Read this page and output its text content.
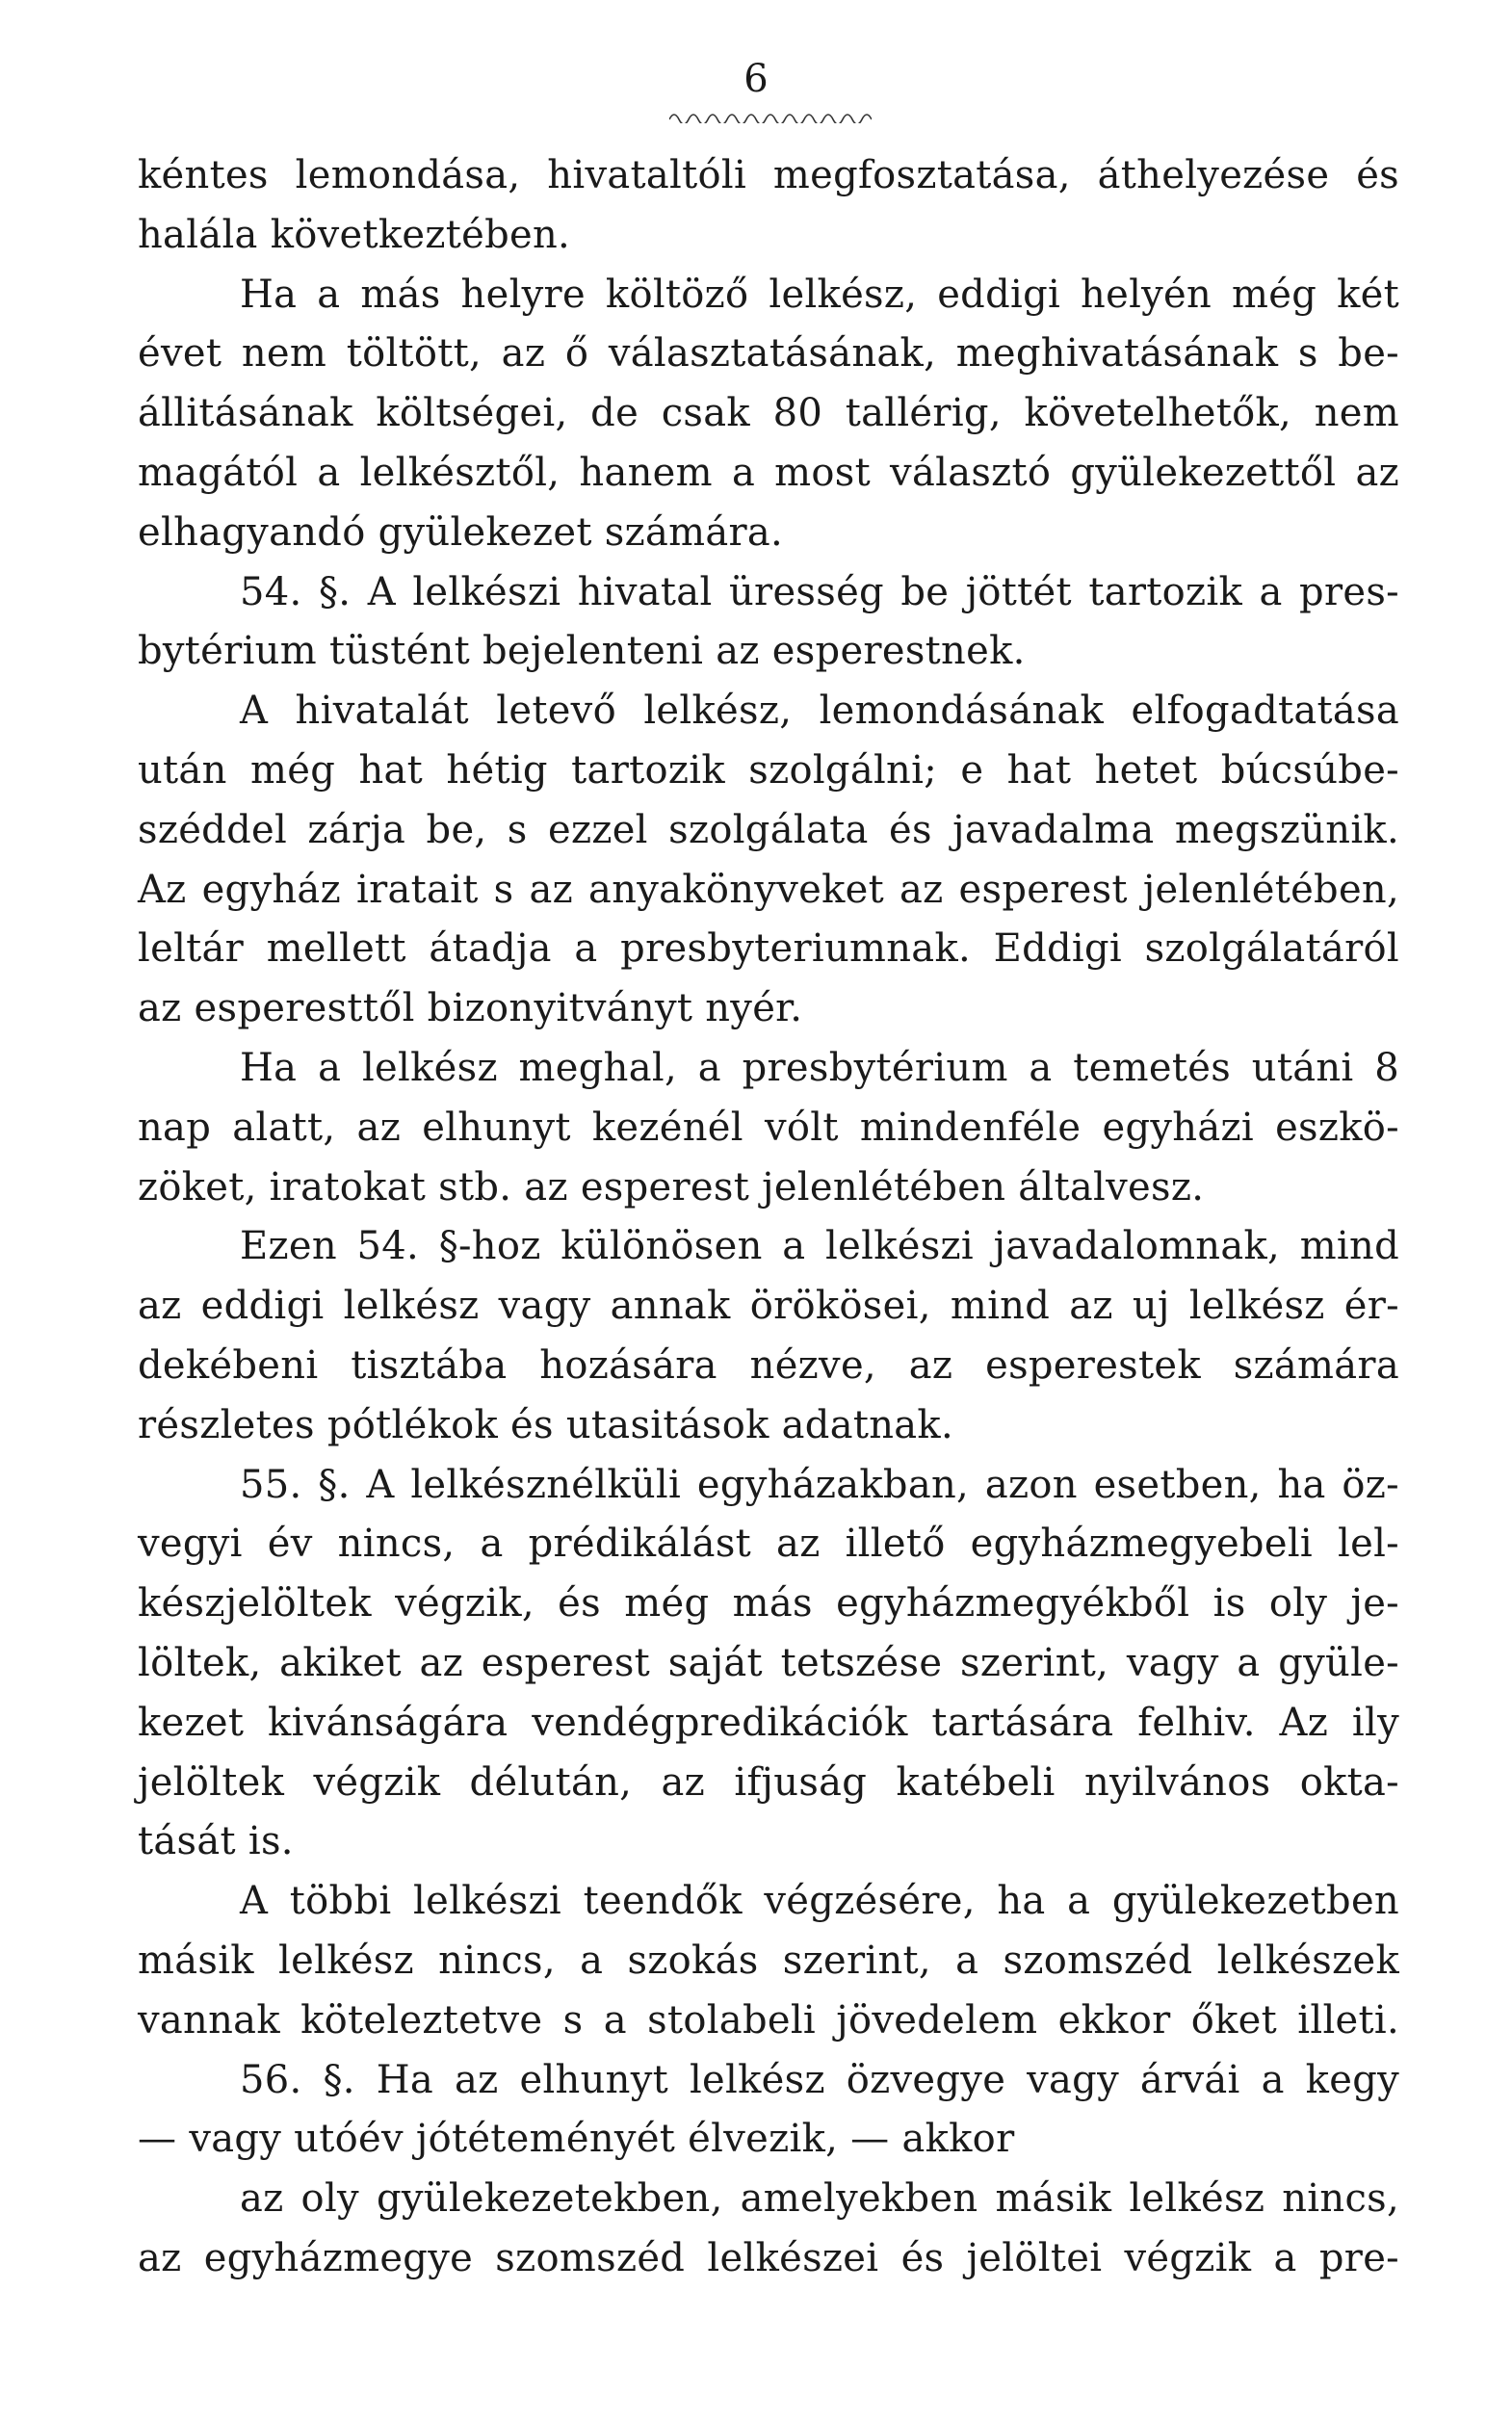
6
kéntes lemondása, hivataltóli megfosztatása, áthelyezése és
halála következtében.
Ha a más helyre költöző lelkész, eddigi helyén még két
évet nem töltött, az ő választatásának, meghivatásának s be-
állitásának költségei, de csak 80 tallérig, követelhetők, nem
magától a lelkésztől, hanem a most választó gyülekezettől az
elhagyandó gyülekezet számára.
54. §. A lelkészi hivatal üresség be jöttét tartozik a pres-
bytérium tüstént bejelenteni az esperestnek.
A hivatalát letevő lelkész, lemondásának elfogadtatása
után még hat hétig tartozik szolgálni; e hat hetet búcsúbe-
széddel zárja be, s ezzel szolgálata és javadalma megszünik.
Az egyház iratait s az anyakönyveket az esperest jelenlétében,
leltár mellett átadja a presbyteriumnak. Eddigi szolgálatáról
az esperesttől bizonyitványt nyér.
Ha a lelkész meghal, a presbytérium a temetés utáni 8
nap alatt, az elhunyt kezénél vólt mindenféle egyházi eszkö-
zöket, iratokat stb. az esperest jelenlétében általvesz.
Ezen 54. §-hoz különösen a lelkészi javadalomnak, mind
az eddigi lelkész vagy annak örökösei, mind az uj lelkész ér-
dekébeni tisztába hozására nézve, az esperestek számára
részletes pótlékok és utasitások adatnak.
55. §. A lelkésznélküli egyházakban, azon esetben, ha öz-
vegyi év nincs, a prédikálást az illető egyházmegyebeli lel-
készjelöltek végzik, és még más egyházmegyékből is oly je-
löltek, akiket az esperest saját tetszése szerint, vagy a gyüle-
kezet kivánságára vendégpredikációk tartására felhiv. Az ily
jelöltek végzik délután, az ifjuság katébeli nyilvános okta-
tását is.
A többi lelkészi teendők végzésére, ha a gyülekezetben
másik lelkész nincs, a szokás szerint, a szomszéd lelkészek
vannak köteleztetve s a stolabeli jövedelem ekkor őket illeti.
56. §. Ha az elhunyt lelkész özvegye vagy árvái a kegy
— vagy utóév jótéteményét élvezik, — akkor
az oly gyülekezetekben, amelyekben másik lelkész nincs,
az egyházmegye szomszéd lelkészei és jelöltei végzik a pre-
